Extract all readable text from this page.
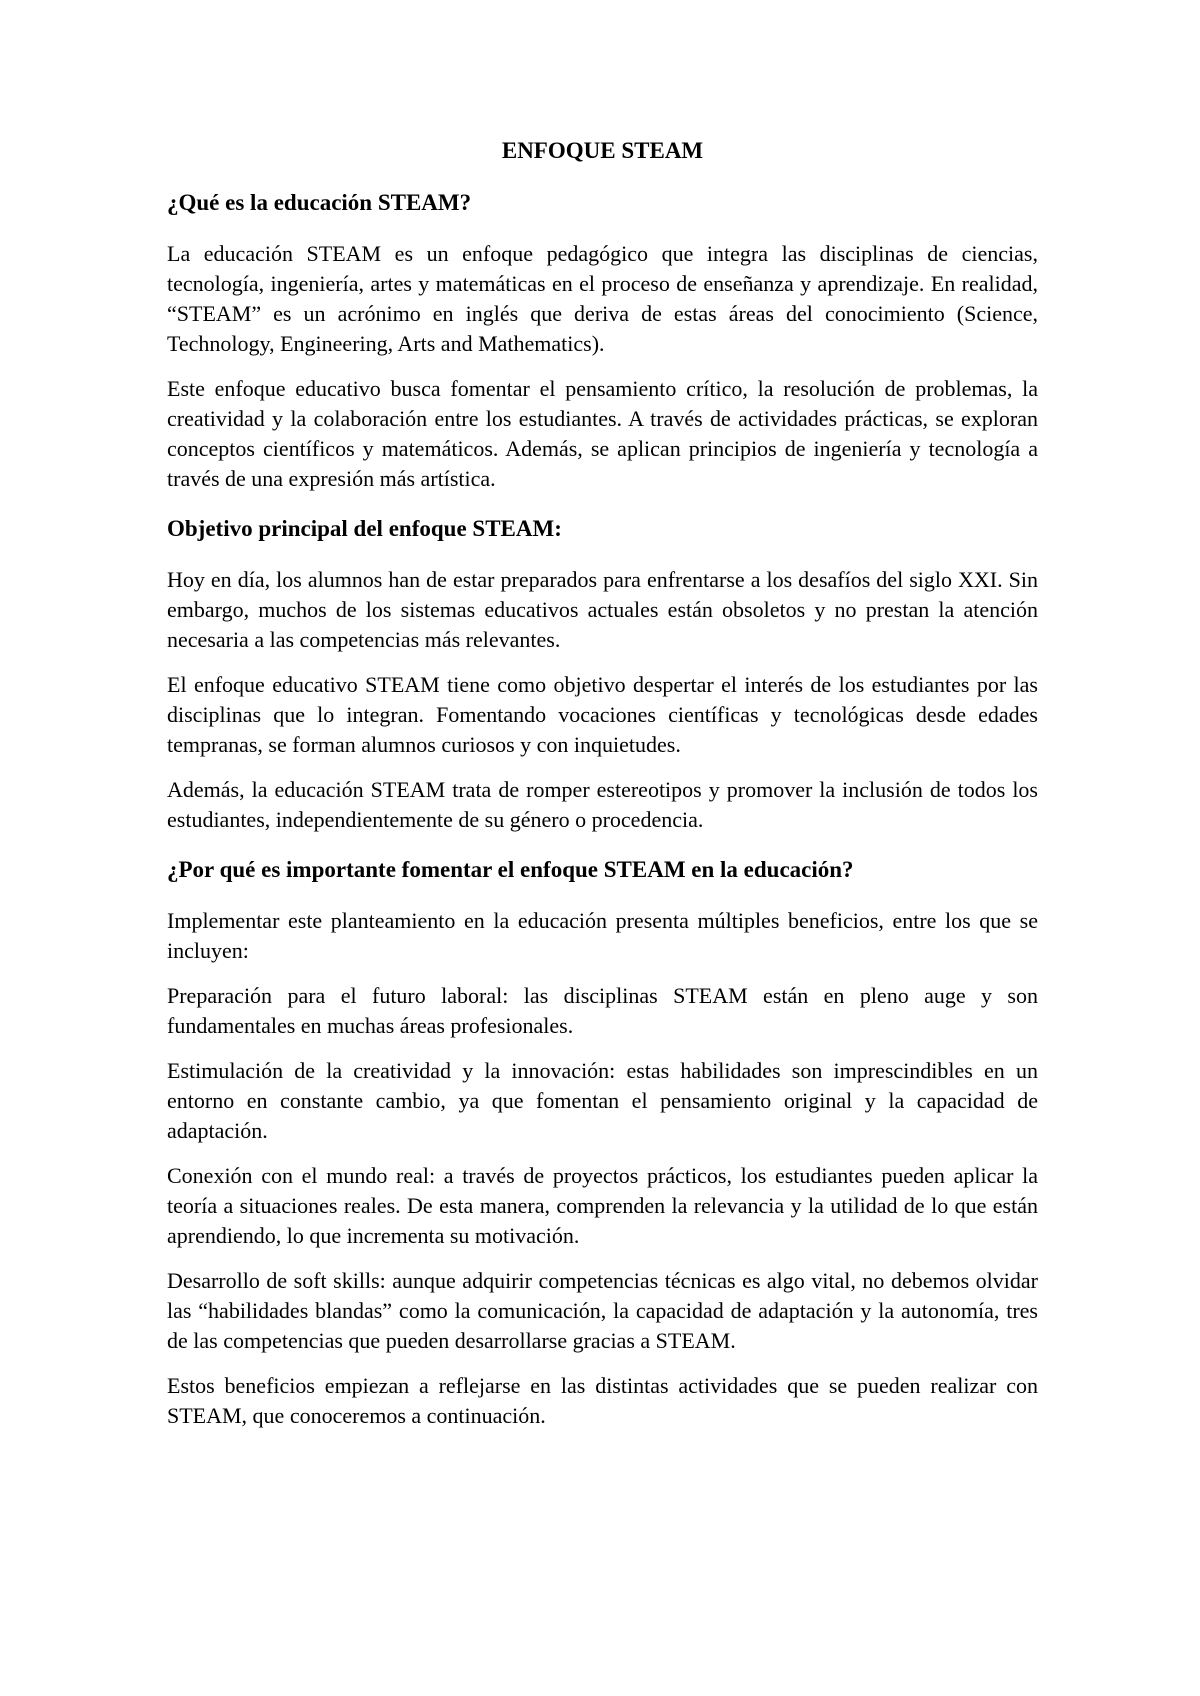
ENFOQUE STEAM
¿Qué es la educación STEAM?

La educación STEAM es un enfoque pedagógico que integra las disciplinas de ciencias, tecnología, ingeniería, artes y matemáticas en el proceso de enseñanza y aprendizaje. En realidad, “STEAM” es un acrónimo en inglés que deriva de estas áreas del conocimiento (Science, Technology, Engineering, Arts and Mathematics).

Este enfoque educativo busca fomentar el pensamiento crítico, la resolución de problemas, la creatividad y la colaboración entre los estudiantes. A través de actividades prácticas, se exploran conceptos científicos y matemáticos. Además, se aplican principios de ingeniería y tecnología a través de una expresión más artística.

Objetivo principal del enfoque STEAM:

Hoy en día, los alumnos han de estar preparados para enfrentarse a los desafíos del siglo XXI. Sin embargo, muchos de los sistemas educativos actuales están obsoletos y no prestan la atención necesaria a las competencias más relevantes.

El enfoque educativo STEAM tiene como objetivo despertar el interés de los estudiantes por las disciplinas que lo integran. Fomentando vocaciones científicas y tecnológicas desde edades tempranas, se forman alumnos curiosos y con inquietudes.

Además, la educación STEAM trata de romper estereotipos y promover la inclusión de todos los estudiantes, independientemente de su género o procedencia.

¿Por qué es importante fomentar el enfoque STEAM en la educación?

Implementar este planteamiento en la educación presenta múltiples beneficios, entre los que se incluyen:

Preparación para el futuro laboral: las disciplinas STEAM están en pleno auge y son fundamentales en muchas áreas profesionales.

Estimulación de la creatividad y la innovación: estas habilidades son imprescindibles en un entorno en constante cambio, ya que fomentan el pensamiento original y la capacidad de adaptación.

Conexión con el mundo real: a través de proyectos prácticos, los estudiantes pueden aplicar la teoría a situaciones reales. De esta manera, comprenden la relevancia y la utilidad de lo que están aprendiendo, lo que incrementa su motivación.

Desarrollo de soft skills: aunque adquirir competencias técnicas es algo vital, no debemos olvidar las “habilidades blandas” como la comunicación, la capacidad de adaptación y la autonomía, tres de las competencias que pueden desarrollarse gracias a STEAM.

Estos beneficios empiezan a reflejarse en las distintas actividades que se pueden realizar con STEAM, que conoceremos a continuación.
